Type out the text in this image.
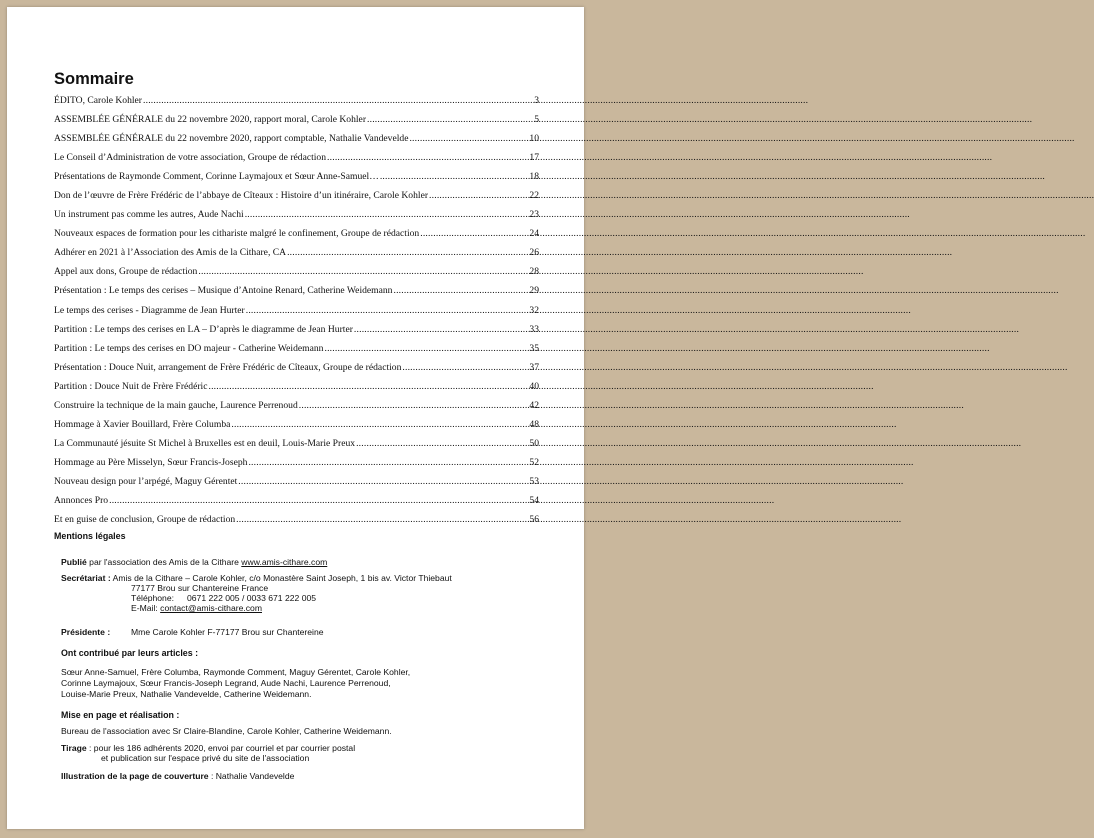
Sommaire
ÉDITO, Carole Kohler .....	3
ASSEMBLÉE GÉNÉRALE du 22 novembre 2020, rapport moral, Carole Kohler .....	5
ASSEMBLÉE GÉNÉRALE du 22 novembre 2020, rapport comptable, Nathalie Vandevelde .....	10
Le Conseil d’Administration de votre association, Groupe de rédaction .....	17
Présentations de Raymonde Comment, Corinne Laymajoux et Sœur Anne-Samuel… .....	18
Don de l’œuvre de Frère Frédéric de l’abbaye de Cîteaux : Histoire d’un itinéraire, Carole Kohler .....	22
Un instrument pas comme les autres, Aude Nachi .....	23
Nouveaux espaces de formation pour les cithariste malgré le confinement, Groupe de rédaction .....	24
Adhérer en 2021 à l’Association des Amis de la Cithare, CA .....	26
Appel aux dons, Groupe de rédaction .....	28
Présentation : Le temps des cerises – Musique d’Antoine Renard, Catherine Weidemann .....	29
Le temps des cerises - Diagramme de Jean Hurter .....	32
Partition : Le temps des cerises en LA – D’après le diagramme de Jean Hurter .....	33
Partition : Le temps des cerises en DO majeur - Catherine Weidemann .....	35
Présentation : Douce Nuit, arrangement de Frère Frédéric de Cîteaux, Groupe de rédaction .....	37
Partition : Douce Nuit de Frère Frédéric .....	40
Construire la technique de la main gauche, Laurence Perrenoud .....	42
Hommage à Xavier Bouillard, Frère Columba .....	48
La Communauté jésuite St Michel à Bruxelles est en deuil, Louis-Marie Preux .....	50
Hommage au Père Misselyn, Sœur Francis-Joseph .....	52
Nouveau design pour l’arpégé, Maguy Gérentet .....	53
Annonces Pro .....	54
Et en guise de conclusion, Groupe de rédaction .....	56

Mentions légales

Publié par l'association des Amis de la Cithare www.amis-cithare.com
Secrétariat : Amis de la Cithare – Carole Kohler, c/o Monastère Saint Joseph, 1 bis av. Victor Thiebaut
77177 Brou sur Chantereine France
Téléphone: 0671 222 005 / 0033 671 222 005
E-Mail: contact@amis-cithare.com
Présidente : Mme Carole Kohler F-77177 Brou sur Chantereine

Ont contribué par leurs articles :

Sœur Anne-Samuel, Frère Columba, Raymonde Comment, Maguy Gérentet, Carole Kohler,
Corinne Laymajoux, Sœur Francis-Joseph Legrand, Aude Nachi, Laurence Perrenoud,
Louise-Marie Preux, Nathalie Vandevelde, Catherine Weidemann.

Mise en page et réalisation :

Bureau de l'association avec Sr Claire-Blandine, Carole Kohler, Catherine Weidemann.
Tirage : pour les 186 adhérents 2020, envoi par courriel et par courrier postal
et publication sur l'espace privé du site de l'association
Illustration de la page de couverture : Nathalie Vandevelde
